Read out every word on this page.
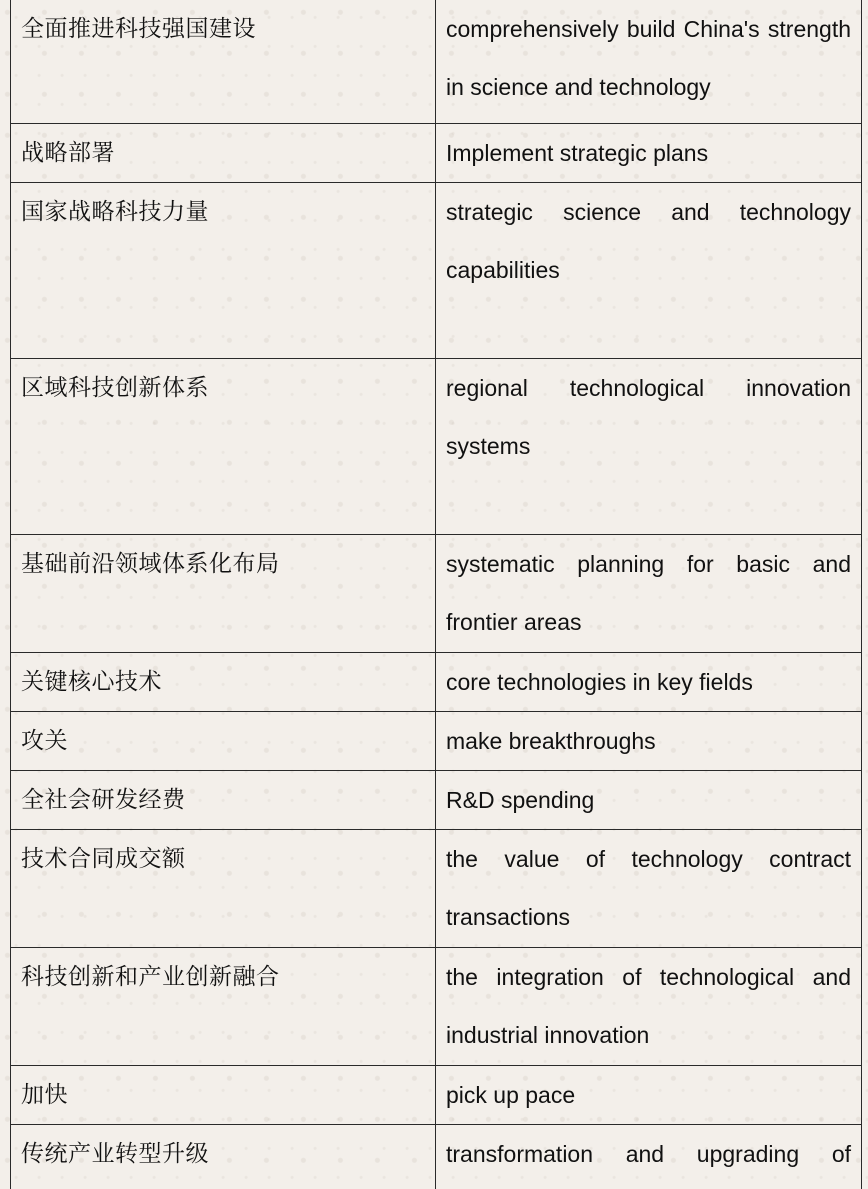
全面推进科技强国建设	comprehensively build China's strength in science and technology
战略部署	Implement strategic plans
国家战略科技力量	strategic science and technology capabilities
区域科技创新体系	regional technological innovation systems
基础前沿领域体系化布局	systematic planning for basic and frontier areas
关键核心技术	core technologies in key fields
攻关	make breakthroughs
全社会研发经费	R&D spending
技术合同成交额	the value of technology contract transactions
科技创新和产业创新融合	the integration of technological and industrial innovation
加快	pick up pace
传统产业转型升级	transformation and upgrading of
